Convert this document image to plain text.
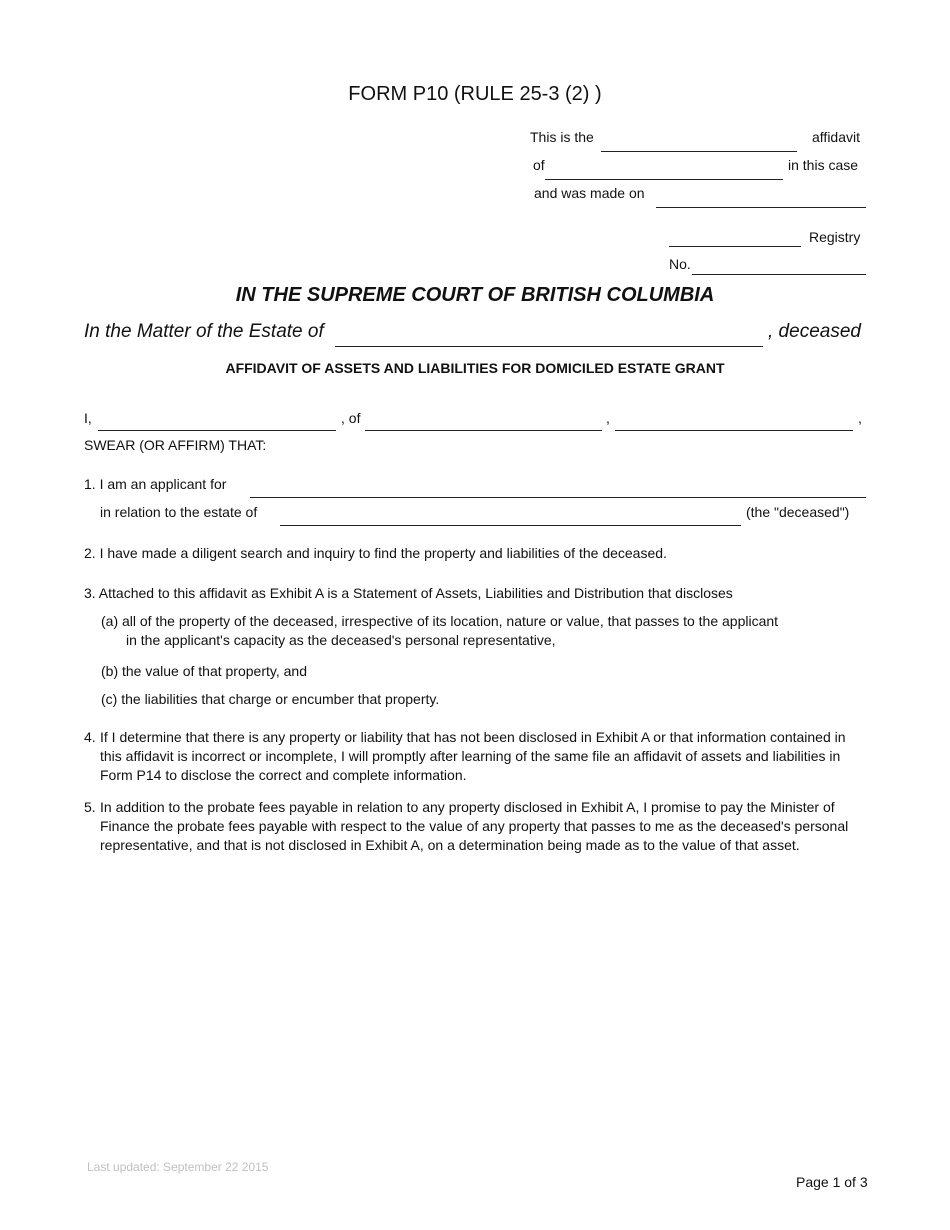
FORM P10 (RULE 25-3 (2) )
This is the	affidavit
of	in this case
and was made on
Registry
No.
IN THE SUPREME COURT OF BRITISH COLUMBIA
In the Matter of the Estate of	, deceased
AFFIDAVIT OF ASSETS AND LIABILITIES FOR DOMICILED ESTATE GRANT
I,	, of	,	,
SWEAR (OR AFFIRM) THAT:
1. I am an applicant for
in relation to the estate of	(the "deceased")
2. I have made a diligent search and inquiry to find the property and liabilities of the deceased.
3. Attached to this affidavit as Exhibit A is a Statement of Assets, Liabilities and Distribution that discloses
(a) all of the property of the deceased, irrespective of its location, nature or value, that passes to the applicant
in the applicant's capacity as the deceased's personal representative,
(b) the value of that property, and
(c) the liabilities that charge or encumber that property.
4. If I determine that there is any property or liability that has not been disclosed in Exhibit A or that information contained in this affidavit is incorrect or incomplete, I will promptly after learning of the same file an affidavit of assets and liabilities in Form P14 to disclose the correct and complete information.
5. In addition to the probate fees payable in relation to any property disclosed in Exhibit A, I promise to pay the Minister of Finance the probate fees payable with respect to the value of any property that passes to me as the deceased's personal representative, and that is not disclosed in Exhibit A, on a determination being made as to the value of that asset.
Last updated: September 22 2015
Page 1 of 3
